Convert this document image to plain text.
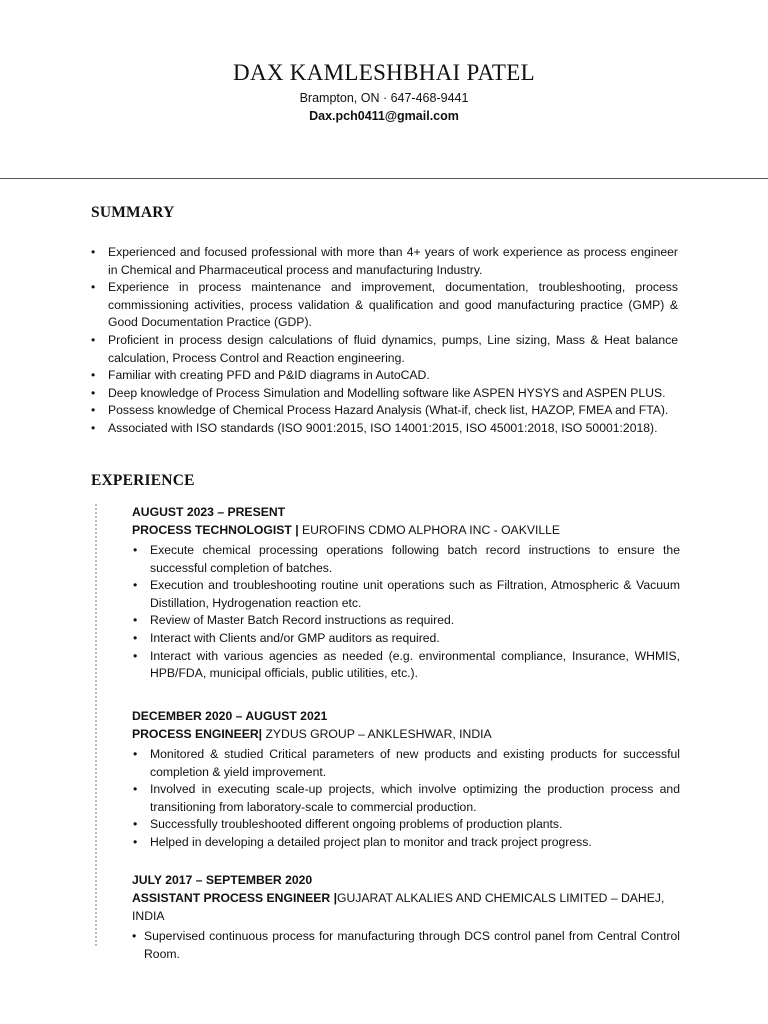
DAX KAMLESHBHAI PATEL
Brampton, ON · 647-468-9441
Dax.pch0411@gmail.com
SUMMARY
• Experienced and focused professional with more than 4+ years of work experience as process engineer in Chemical and Pharmaceutical process and manufacturing Industry.
• Experience in process maintenance and improvement, documentation, troubleshooting, process commissioning activities, process validation & qualification and good manufacturing practice (GMP) & Good Documentation Practice (GDP).
• Proficient in process design calculations of fluid dynamics, pumps, Line sizing, Mass & Heat balance calculation, Process Control and Reaction engineering.
• Familiar with creating PFD and P&ID diagrams in AutoCAD.
• Deep knowledge of Process Simulation and Modelling software like ASPEN HYSYS and ASPEN PLUS.
• Possess knowledge of Chemical Process Hazard Analysis (What-if, check list, HAZOP, FMEA and FTA).
• Associated with ISO standards (ISO 9001:2015, ISO 14001:2015, ISO 45001:2018, ISO 50001:2018).
EXPERIENCE
AUGUST 2023 – PRESENT
PROCESS TECHNOLOGIST | EUROFINS CDMO ALPHORA INC - OAKVILLE
• Execute chemical processing operations following batch record instructions to ensure the successful completion of batches.
• Execution and troubleshooting routine unit operations such as Filtration, Atmospheric & Vacuum Distillation, Hydrogenation reaction etc.
• Review of Master Batch Record instructions as required.
• Interact with Clients and/or GMP auditors as required.
• Interact with various agencies as needed (e.g. environmental compliance, Insurance, WHMIS, HPB/FDA, municipal officials, public utilities, etc.).
DECEMBER 2020 – AUGUST 2021
PROCESS ENGINEER| ZYDUS GROUP – ANKLESHWAR, INDIA
• Monitored & studied Critical parameters of new products and existing products for successful completion & yield improvement.
• Involved in executing scale-up projects, which involve optimizing the production process and transitioning from laboratory-scale to commercial production.
• Successfully troubleshooted different ongoing problems of production plants.
• Helped in developing a detailed project plan to monitor and track project progress.
JULY 2017 – SEPTEMBER 2020
ASSISTANT PROCESS ENGINEER |GUJARAT ALKALIES AND CHEMICALS LIMITED – DAHEJ, INDIA
• Supervised continuous process for manufacturing through DCS control panel from Central Control Room.
